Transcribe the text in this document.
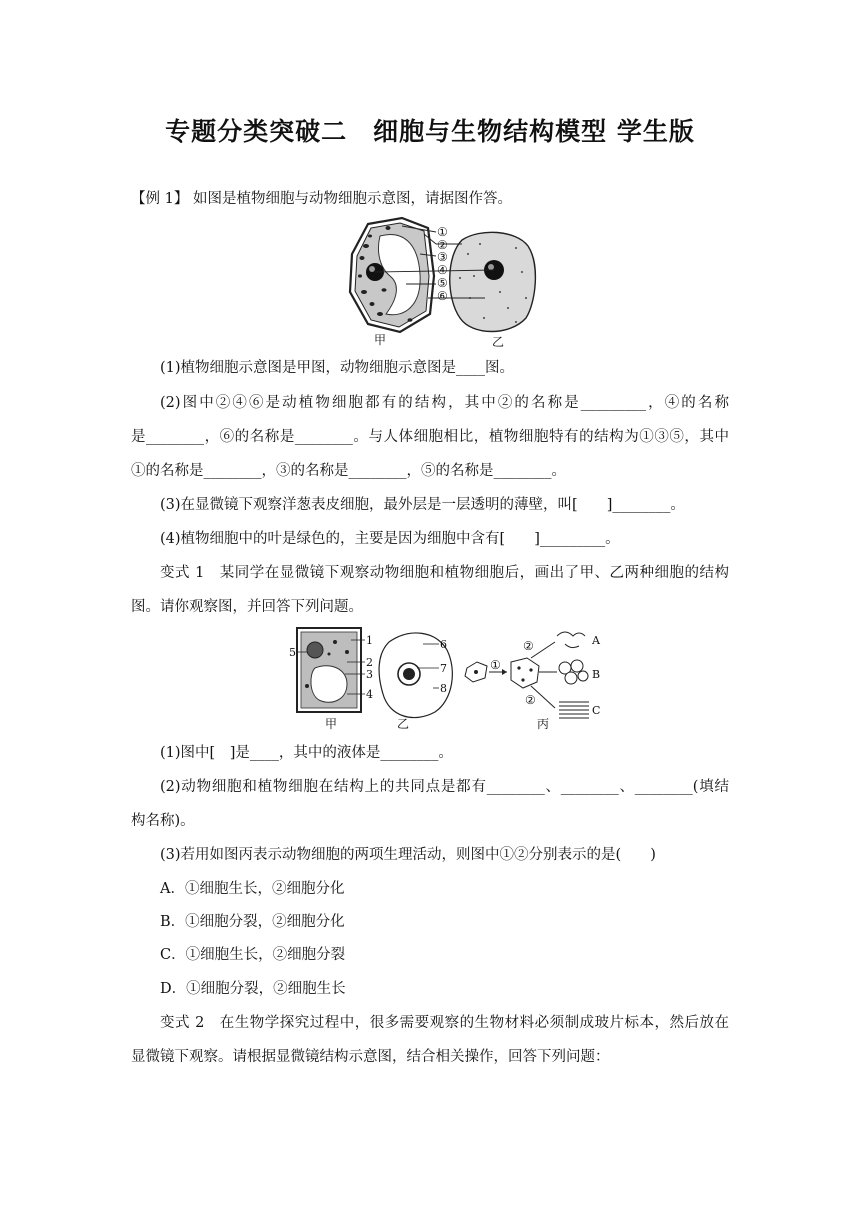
专题分类突破二　细胞与生物结构模型 学生版
【例 1】 如图是植物细胞与动物细胞示意图，请据图作答。
①
②
③
④
⑤
⑥
甲	乙
(1)植物细胞示意图是甲图，动物细胞示意图是____图。
(2)图中②④⑥是动植物细胞都有的结构，其中②的名称是_________，④的名称
是________，⑥的名称是________。与人体细胞相比，植物细胞特有的结构为①③⑤，其中
①的名称是________，③的名称是________，⑤的名称是________。
(3)在显微镜下观察洋葱表皮细胞，最外层是一层透明的薄壁，叫[　　]________。
(4)植物细胞中的叶是绿色的，主要是因为细胞中含有[　　]_________。
变式 1　某同学在显微镜下观察动物细胞和植物细胞后，画出了甲、乙两种细胞的结构
图。请你观察图，并回答下列问题。
1
2
3
4
5
6
7
8
①
②
②
A
B
C
甲	乙	丙
(1)图中[　]是____，其中的液体是________。
(2)动物细胞和植物细胞在结构上的共同点是都有________、________、________(填结
构名称)。
(3)若用如图丙表示动物细胞的两项生理活动，则图中①②分别表示的是(　　)
A．①细胞生长，②细胞分化
B．①细胞分裂，②细胞分化
C．①细胞生长，②细胞分裂
D．①细胞分裂，②细胞生长
变式 2　在生物学探究过程中，很多需要观察的生物材料必须制成玻片标本，然后放在
显微镜下观察。请根据显微镜结构示意图，结合相关操作，回答下列问题：
